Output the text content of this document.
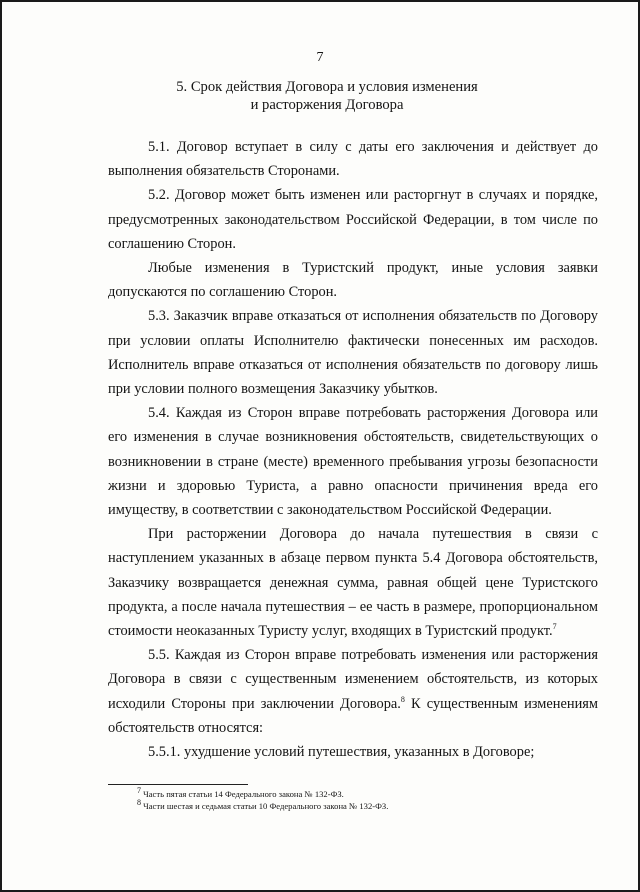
7
5. Срок действия Договора и условия изменения
и расторжения Договора

5.1. Договор вступает в силу с даты его заключения и действует до выполнения обязательств Сторонами.

5.2. Договор может быть изменен или расторгнут в случаях и порядке, предусмотренных законодательством Российской Федерации, в том числе по соглашению Сторон.

Любые изменения в Туристский продукт, иные условия заявки допускаются по соглашению Сторон.

5.3. Заказчик вправе отказаться от исполнения обязательств по Договору при условии оплаты Исполнителю фактически понесенных им расходов. Исполнитель вправе отказаться от исполнения обязательств по договору лишь при условии полного возмещения Заказчику убытков.

5.4. Каждая из Сторон вправе потребовать расторжения Договора или его изменения в случае возникновения обстоятельств, свидетельствующих о возникновении в стране (месте) временного пребывания угрозы безопасности жизни и здоровью Туриста, а равно опасности причинения вреда его имуществу, в соответствии с законодательством Российской Федерации.

При расторжении Договора до начала путешествия в связи с наступлением указанных в абзаце первом пункта 5.4 Договора обстоятельств, Заказчику возвращается денежная сумма, равная общей цене Туристского продукта, а после начала путешествия – ее часть в размере, пропорциональном стоимости неоказанных Туристу услуг, входящих в Туристский продукт.$^7$

5.5. Каждая из Сторон вправе потребовать изменения или расторжения Договора в связи с существенным изменением обстоятельств, из которых исходили Стороны при заключении Договора.$^8$ К существенным изменениям обстоятельств относятся:

5.5.1. ухудшение условий путешествия, указанных в Договоре;

$^7$ Часть пятая статьи 14 Федерального закона № 132-ФЗ.
$^8$ Части шестая и седьмая статьи 10 Федерального закона № 132-ФЗ.
